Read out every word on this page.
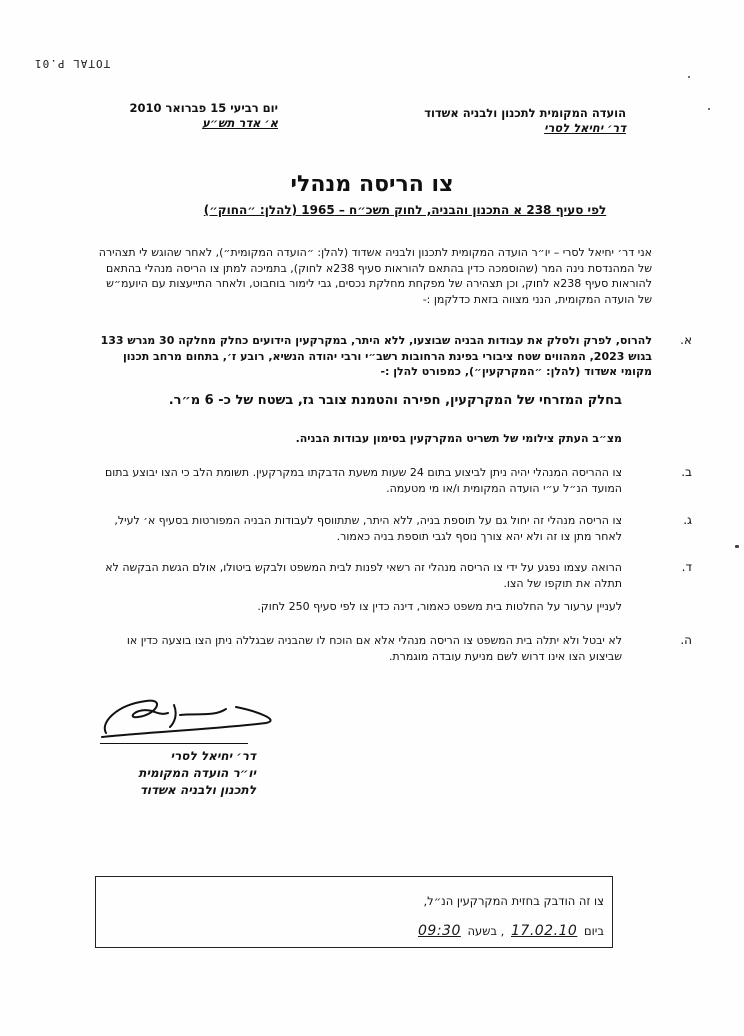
TOTAL P.01
הועדה המקומית לתכנון ולבניה אשדוד
דר׳ יחיאל לסרי
יום רביעי 15 פברואר 2010
א׳ אדר תש״ע
צו הריסה מנהלי
לפי סעיף 238 א התכנון והבניה, לחוק תשכ״ח – 1965 (להלן: ״החוק״)
אני דר׳ יחיאל לסרי – יו״ר הועדה המקומית לתכנון ולבניה אשדוד (להלן: ״הועדה המקומית״), לאחר שהוגש לי תצהירה של המהנדסת נינה המר (שהוסמכה כדין בהתאם להוראות סעיף 238א לחוק), בתמיכה למתן צו הריסה מנהלי בהתאם להוראות סעיף 238א לחוק, וכן תצהירה של מפקחת מחלקת נכסים, גבי לימור בוחבוט, ולאחר התייעצות עם היועמ״ש של הועדה המקומית, הנני מצווה בזאת כדלקמן :-
א.
להרוס, לפרק ולסלק את עבודות הבניה שבוצעו, ללא היתר, במקרקעין הידועים כחלק מחלקה 30 מגרש 133 בגוש 2023, המהווים שטח ציבורי בפינת הרחובות רשב״י ורבי יהודה הנשיא, רובע ז׳, בתחום מרחב תכנון מקומי אשדוד (להלן: ״המקרקעין״), כמפורט להלן :-
בחלק המזרחי של המקרקעין, חפירה והטמנת צובר גז, בשטח של כ- 6 מ״ר.
מצ״ב העתק צילומי של תשריט המקרקעין בסימון עבודות הבניה.
ב.
צו ההריסה המנהלי יהיה ניתן לביצוע בתום 24 שעות משעת הדבקתו במקרקעין. תשומת הלב כי הצו יבוצע בתום המועד הנ״ל ע״י הועדה המקומית ו/או מי מטעמה.
ג.
צו הריסה מנהלי זה יחול גם על תוספת בניה, ללא היתר, שתתווסף לעבודות הבניה המפורטות בסעיף א׳ לעיל, לאחר מתן צו זה ולא יהא צורך נוסף לגבי תוספת בניה כאמור.
ד.
הרואה עצמו נפגע על ידי צו הריסה מנהלי זה רשאי לפנות לבית המשפט ולבקש ביטולו, אולם הגשת הבקשה לא תתלה את תוקפו של הצו.
לעניין ערעור על החלטות בית משפט כאמור, דינה כדין צו לפי סעיף 250 לחוק.
ה.
לא יבטל ולא יתלה בית המשפט צו הריסה מנהלי אלא אם הוכח לו שהבניה שבגללה ניתן הצו בוצעה כדין או שביצוע הצו אינו דרוש לשם מניעת עובדה מוגמרת.
דר׳ יחיאל לסרי
יו״ר הועדה המקומית
לתכנון ולבניה אשדוד
צו זה הודבק בחזית המקרקעין הנ״ל,
ביום 17.02.10 , בשעה 09:30
